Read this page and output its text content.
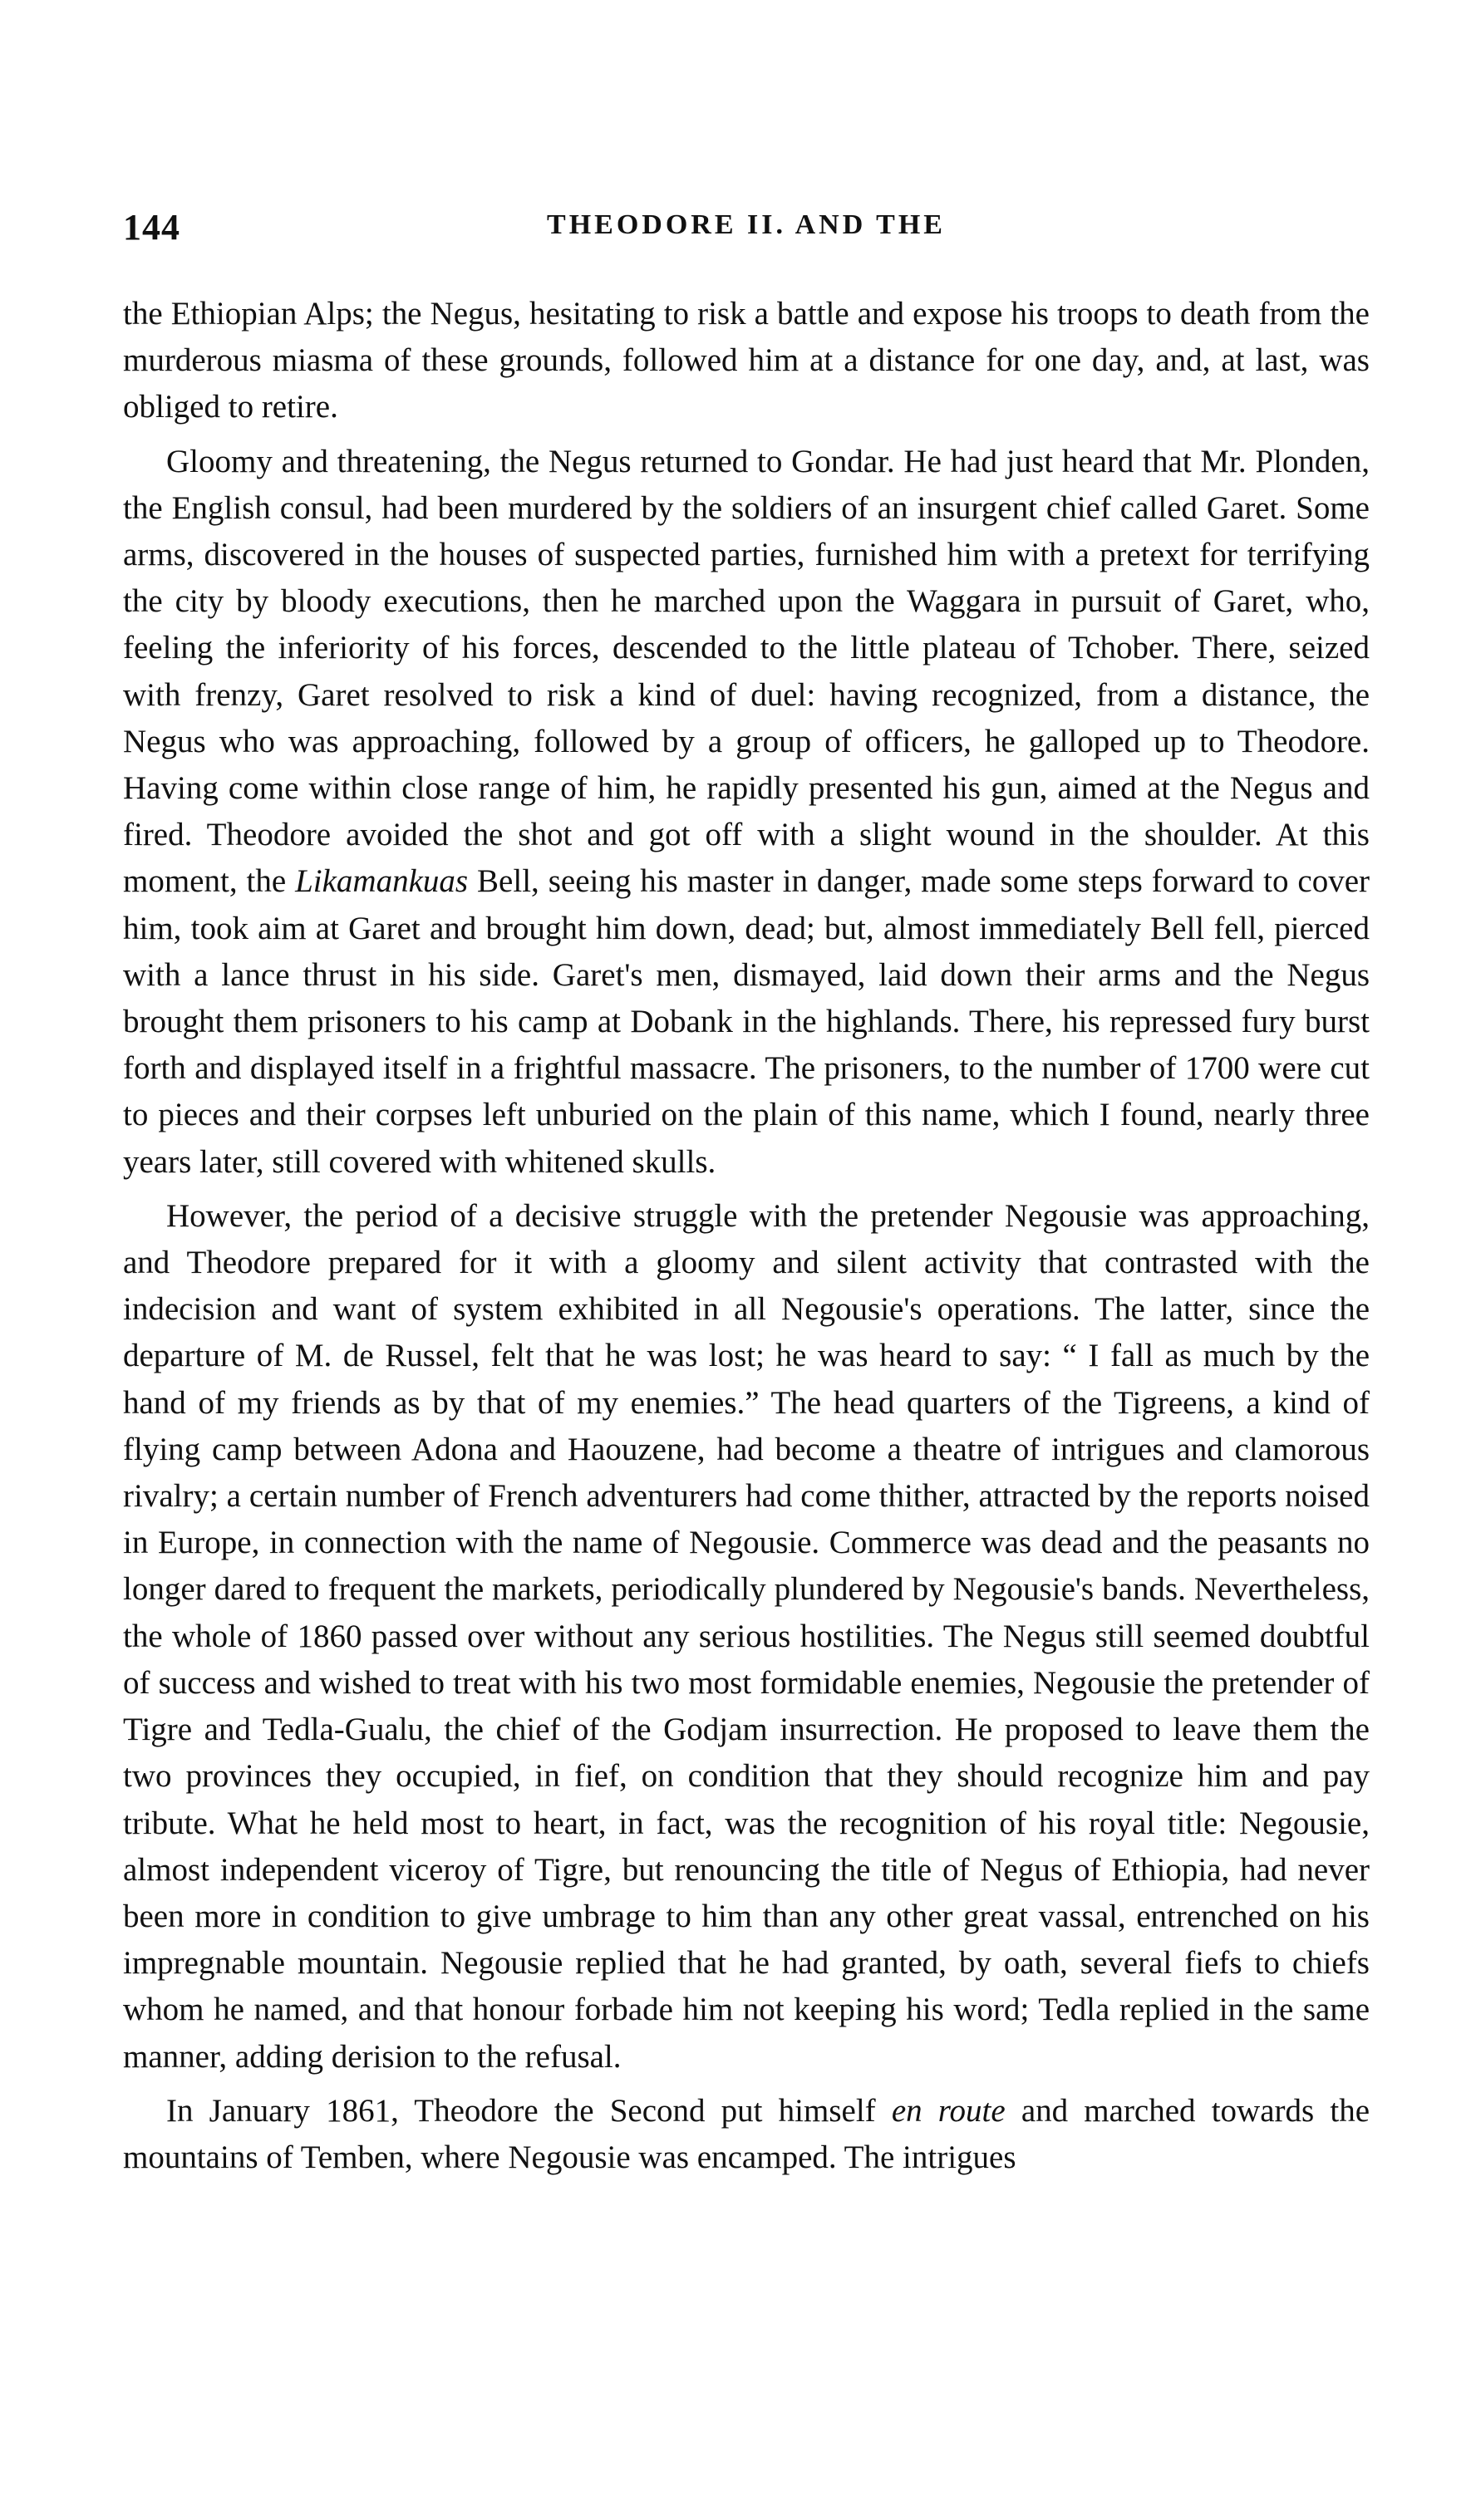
144	THEODORE II. AND THE

the Ethiopian Alps; the Negus, hesitating to risk a battle and expose his troops to death from the murderous miasma of these grounds, followed him at a distance for one day, and, at last, was obliged to retire.

Gloomy and threatening, the Negus returned to Gondar. He had just heard that Mr. Plonden, the English consul, had been murdered by the soldiers of an insurgent chief called Garet. Some arms, discovered in the houses of suspected parties, furnished him with a pretext for terrifying the city by bloody executions, then he marched upon the Waggara in pursuit of Garet, who, feeling the inferiority of his forces, descended to the little plateau of Tchober. There, seized with frenzy, Garet resolved to risk a kind of duel: having recognized, from a distance, the Negus who was approaching, followed by a group of officers, he galloped up to Theodore. Having come within close range of him, he rapidly presented his gun, aimed at the Negus and fired. Theodore avoided the shot and got off with a slight wound in the shoulder. At this moment, the Likamankuas Bell, seeing his master in danger, made some steps forward to cover him, took aim at Garet and brought him down, dead; but, almost immediately Bell fell, pierced with a lance thrust in his side. Garet's men, dismayed, laid down their arms and the Negus brought them prisoners to his camp at Dobank in the highlands. There, his repressed fury burst forth and displayed itself in a frightful massacre. The prisoners, to the number of 1700 were cut to pieces and their corpses left unburied on the plain of this name, which I found, nearly three years later, still covered with whitened skulls.

However, the period of a decisive struggle with the pretender Negousie was approaching, and Theodore prepared for it with a gloomy and silent activity that contrasted with the indecision and want of system exhibited in all Negousie's operations. The latter, since the departure of M. de Russel, felt that he was lost; he was heard to say: “ I fall as much by the hand of my friends as by that of my enemies.” The head quarters of the Tigreens, a kind of flying camp between Adona and Haouzene, had become a theatre of intrigues and clamorous rivalry; a certain number of French adventurers had come thither, attracted by the reports noised in Europe, in connection with the name of Negousie. Commerce was dead and the peasants no longer dared to frequent the markets, periodically plundered by Negousie's bands. Nevertheless, the whole of 1860 passed over without any serious hostilities. The Negus still seemed doubtful of success and wished to treat with his two most formidable enemies, Negousie the pretender of Tigre and Tedla-Gualu, the chief of the Godjam insurrection. He proposed to leave them the two provinces they occupied, in fief, on condition that they should recognize him and pay tribute. What he held most to heart, in fact, was the recognition of his royal title: Negousie, almost independent viceroy of Tigre, but renouncing the title of Negus of Ethiopia, had never been more in condition to give umbrage to him than any other great vassal, entrenched on his impregnable mountain. Negousie replied that he had granted, by oath, several fiefs to chiefs whom he named, and that honour forbade him not keeping his word; Tedla replied in the same manner, adding derision to the refusal.

In January 1861, Theodore the Second put himself en route and marched towards the mountains of Temben, where Negousie was encamped. The intrigues
